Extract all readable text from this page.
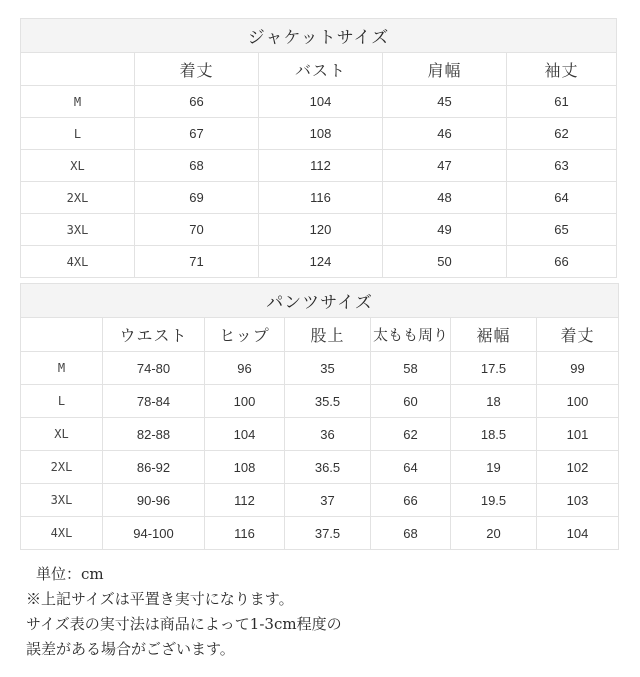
ジャケットサイズ				
	着丈	バスト	肩幅	袖丈
M	66	104	45	61
L	67	108	46	62
XL	68	112	47	63
2XL	69	116	48	64
3XL	70	120	49	65
4XL	71	124	50	66
パンツサイズ						
	ウエスト	ヒップ	股上	太もも周り	裾幅	着丈
M	74-80	96	35	58	17.5	99
L	78-84	100	35.5	60	18	100
XL	82-88	104	36	62	18.5	101
2XL	86-92	108	36.5	64	19	102
3XL	90-96	112	37	66	19.5	103
4XL	94-100	116	37.5	68	20	104
単位：cm
※上記サイズは平置き実寸になります。
サイズ表の実寸法は商品によって1-3cm程度の
誤差がある場合がございます。
